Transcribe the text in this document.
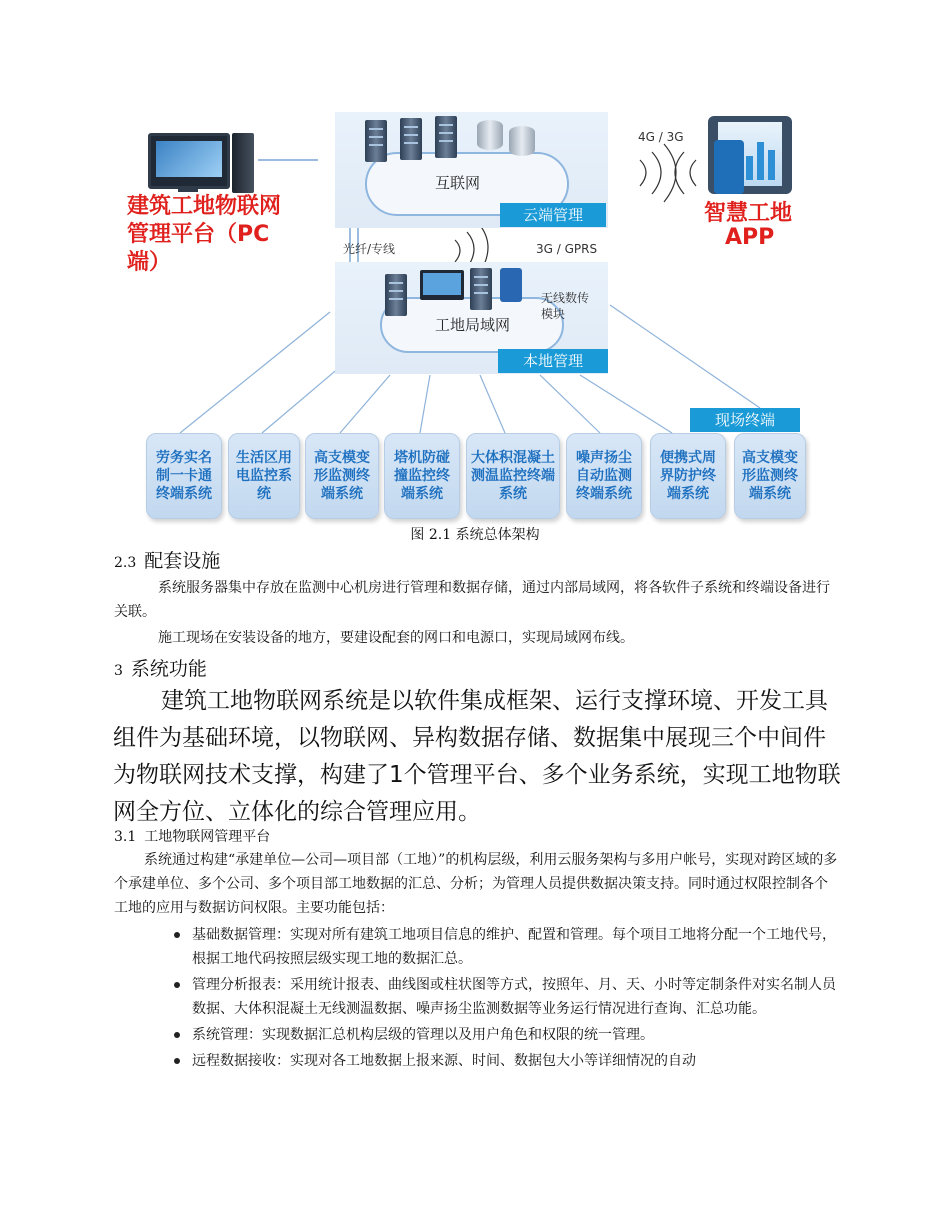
建筑工地物联网管理平台（PC端）
互联网
云端管理
4G / 3G
光纤/专线	3G / GPRS
智慧工地
APP
工地局域网
无线数传模块
本地管理
现场终端
劳务实名制一卡通终端系统
生活区用电监控系统
高支模变形监测终端系统
塔机防碰撞监控终端系统
大体积混凝土测温监控终端系统
噪声扬尘自动监测终端系统
便携式周界防护终端系统
高支模变形监测终端系统
图 2.1 系统总体架构
2.3 配套设施
系统服务器集中存放在监测中心机房进行管理和数据存储，通过内部局域网，将各软件子系统和终端设备进行关联。
施工现场在安装设备的地方，要建设配套的网口和电源口，实现局域网布线。
3 系统功能
建筑工地物联网系统是以软件集成框架、运行支撑环境、开发工具组件为基础环境，以物联网、异构数据存储、数据集中展现三个中间件为物联网技术支撑，构建了1个管理平台、多个业务系统，实现工地物联网全方位、立体化的综合管理应用。
3.1 工地物联网管理平台
系统通过构建“承建单位—公司—项目部（工地）”的机构层级，利用云服务架构与多用户帐号，实现对跨区域的多个承建单位、多个公司、多个项目部工地数据的汇总、分析；为管理人员提供数据决策支持。同时通过权限控制各个工地的应用与数据访问权限。主要功能包括：
基础数据管理：实现对所有建筑工地项目信息的维护、配置和管理。每个项目工地将分配一个工地代号，根据工地代码按照层级实现工地的数据汇总。
管理分析报表：采用统计报表、曲线图或柱状图等方式，按照年、月、天、小时等定制条件对实名制人员数据、大体积混凝土无线测温数据、噪声扬尘监测数据等业务运行情况进行查询、汇总功能。
系统管理：实现数据汇总机构层级的管理以及用户角色和权限的统一管理。
远程数据接收：实现对各工地数据上报来源、时间、数据包大小等详细情况的自动
